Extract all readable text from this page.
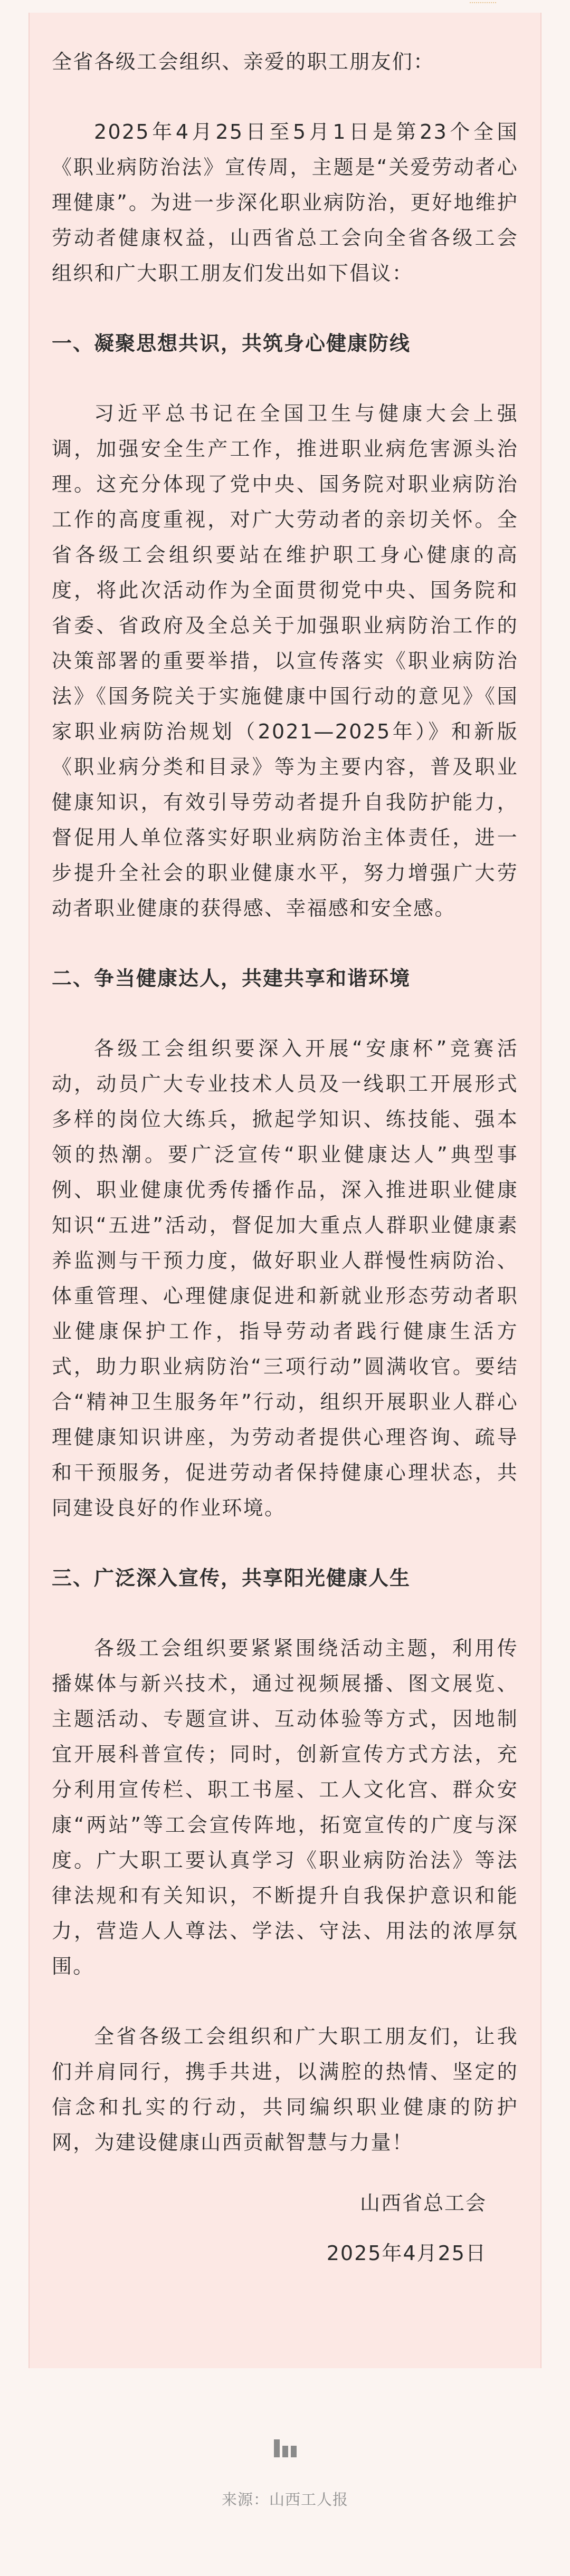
全省各级工会组织、亲爱的职工朋友们：

2025年4月25日至5月1日是第23个全国《职业病防治法》宣传周，主题是“关爱劳动者心理健康”。为进一步深化职业病防治，更好地维护劳动者健康权益，山西省总工会向全省各级工会组织和广大职工朋友们发出如下倡议：

一、凝聚思想共识，共筑身心健康防线

习近平总书记在全国卫生与健康大会上强调，加强安全生产工作，推进职业病危害源头治理。这充分体现了党中央、国务院对职业病防治工作的高度重视，对广大劳动者的亲切关怀。全省各级工会组织要站在维护职工身心健康的高度，将此次活动作为全面贯彻党中央、国务院和省委、省政府及全总关于加强职业病防治工作的决策部署的重要举措，以宣传落实《职业病防治法》《国务院关于实施健康中国行动的意见》《国家职业病防治规划（2021—2025年）》和新版《职业病分类和目录》等为主要内容，普及职业健康知识，有效引导劳动者提升自我防护能力，督促用人单位落实好职业病防治主体责任，进一步提升全社会的职业健康水平，努力增强广大劳动者职业健康的获得感、幸福感和安全感。

二、争当健康达人，共建共享和谐环境

各级工会组织要深入开展“安康杯”竞赛活动，动员广大专业技术人员及一线职工开展形式多样的岗位大练兵，掀起学知识、练技能、强本领的热潮。要广泛宣传“职业健康达人”典型事例、职业健康优秀传播作品，深入推进职业健康知识“五进”活动，督促加大重点人群职业健康素养监测与干预力度，做好职业人群慢性病防治、体重管理、心理健康促进和新就业形态劳动者职业健康保护工作，指导劳动者践行健康生活方式，助力职业病防治“三项行动”圆满收官。要结合“精神卫生服务年”行动，组织开展职业人群心理健康知识讲座，为劳动者提供心理咨询、疏导和干预服务，促进劳动者保持健康心理状态，共同建设良好的作业环境。

三、广泛深入宣传，共享阳光健康人生

各级工会组织要紧紧围绕活动主题，利用传播媒体与新兴技术，通过视频展播、图文展览、主题活动、专题宣讲、互动体验等方式，因地制宜开展科普宣传；同时，创新宣传方式方法，充分利用宣传栏、职工书屋、工人文化宫、群众安康“两站”等工会宣传阵地，拓宽宣传的广度与深度。广大职工要认真学习《职业病防治法》等法律法规和有关知识，不断提升自我保护意识和能力，营造人人尊法、学法、守法、用法的浓厚氛围。

全省各级工会组织和广大职工朋友们，让我们并肩同行，携手共进，以满腔的热情、坚定的信念和扎实的行动，共同编织职业健康的防护网，为建设健康山西贡献智慧与力量！

山西省总工会
2025年4月25日
来源：山西工人报
